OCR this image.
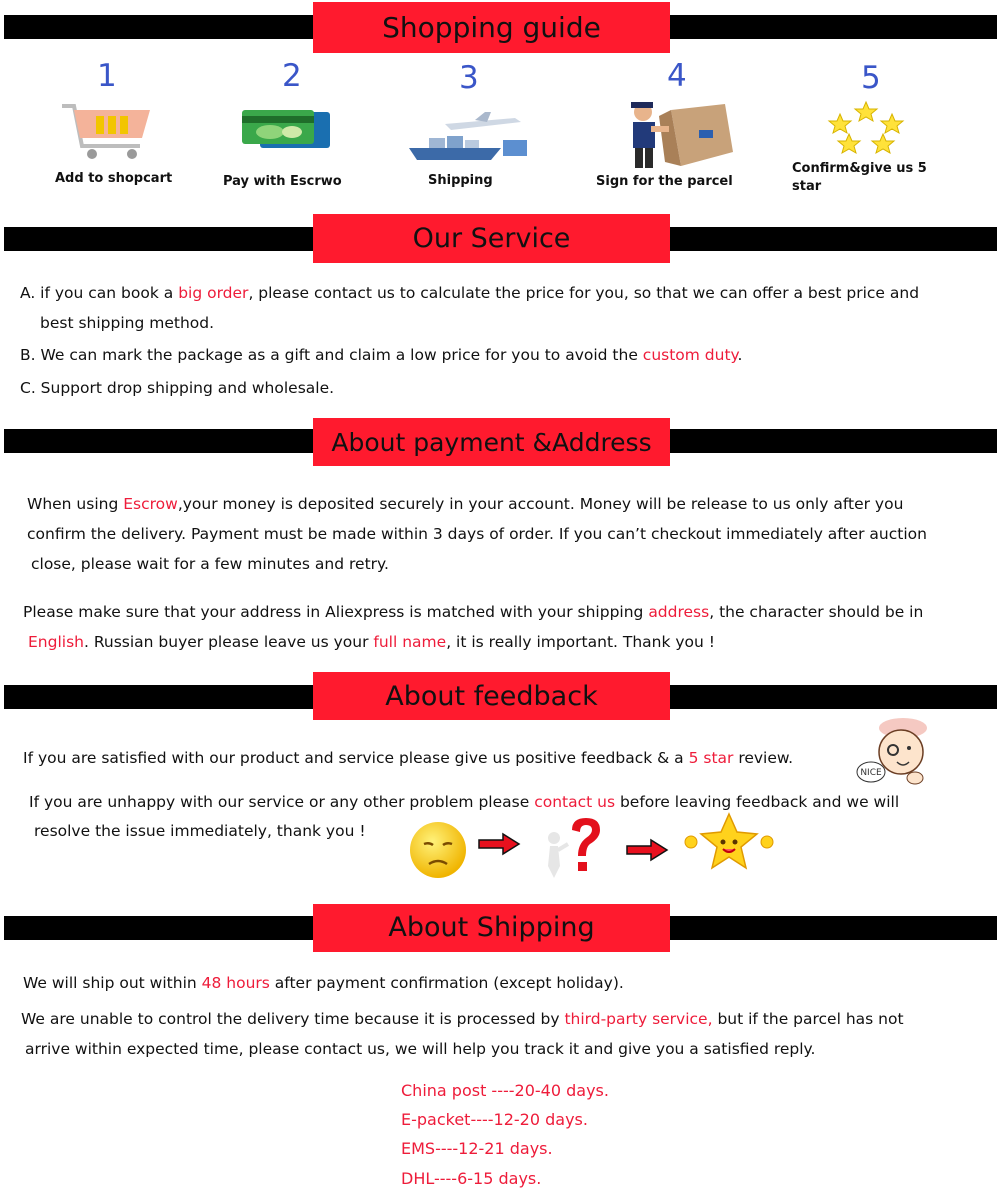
Shopping guide
1	2	3	4	5
Add to shopcart	Pay with Escrwo	Shipping	Sign for the parcel
Confirm&give us 5
star
Our Service
A. if you can book a big order, please contact us to calculate the price for you, so that we can offer a best price and
best shipping method.
B. We can mark the package as a gift and claim a low price for you to avoid the custom duty.
C. Support drop shipping and wholesale.
About payment &Address
When using Escrow,your money is deposited securely in your account. Money will be release to us only after you
confirm the delivery. Payment must be made within 3 days of order. If you can’t checkout immediately after auction
close, please wait for a few minutes and retry.
Please make sure that your address in Aliexpress is matched with your shipping address, the character should be in
English. Russian buyer please leave us your full name, it is really important. Thank you !
About feedback
If you are satisfied with our product and service please give us positive feedback & a 5 star review.
NICE
If you are unhappy with our service or any other problem please contact us before leaving feedback and we will
resolve the issue immediately, thank you !
About Shipping
We will ship out within 48 hours after payment confirmation (except holiday).
We are unable to control the delivery time because it is processed by third-party service, but if the parcel has not
arrive within expected time, please contact us, we will help you track it and give you a satisfied reply.
China post ----20-40 days.
E-packet----12-20 days.
EMS----12-21 days.
DHL----6-15 days.
